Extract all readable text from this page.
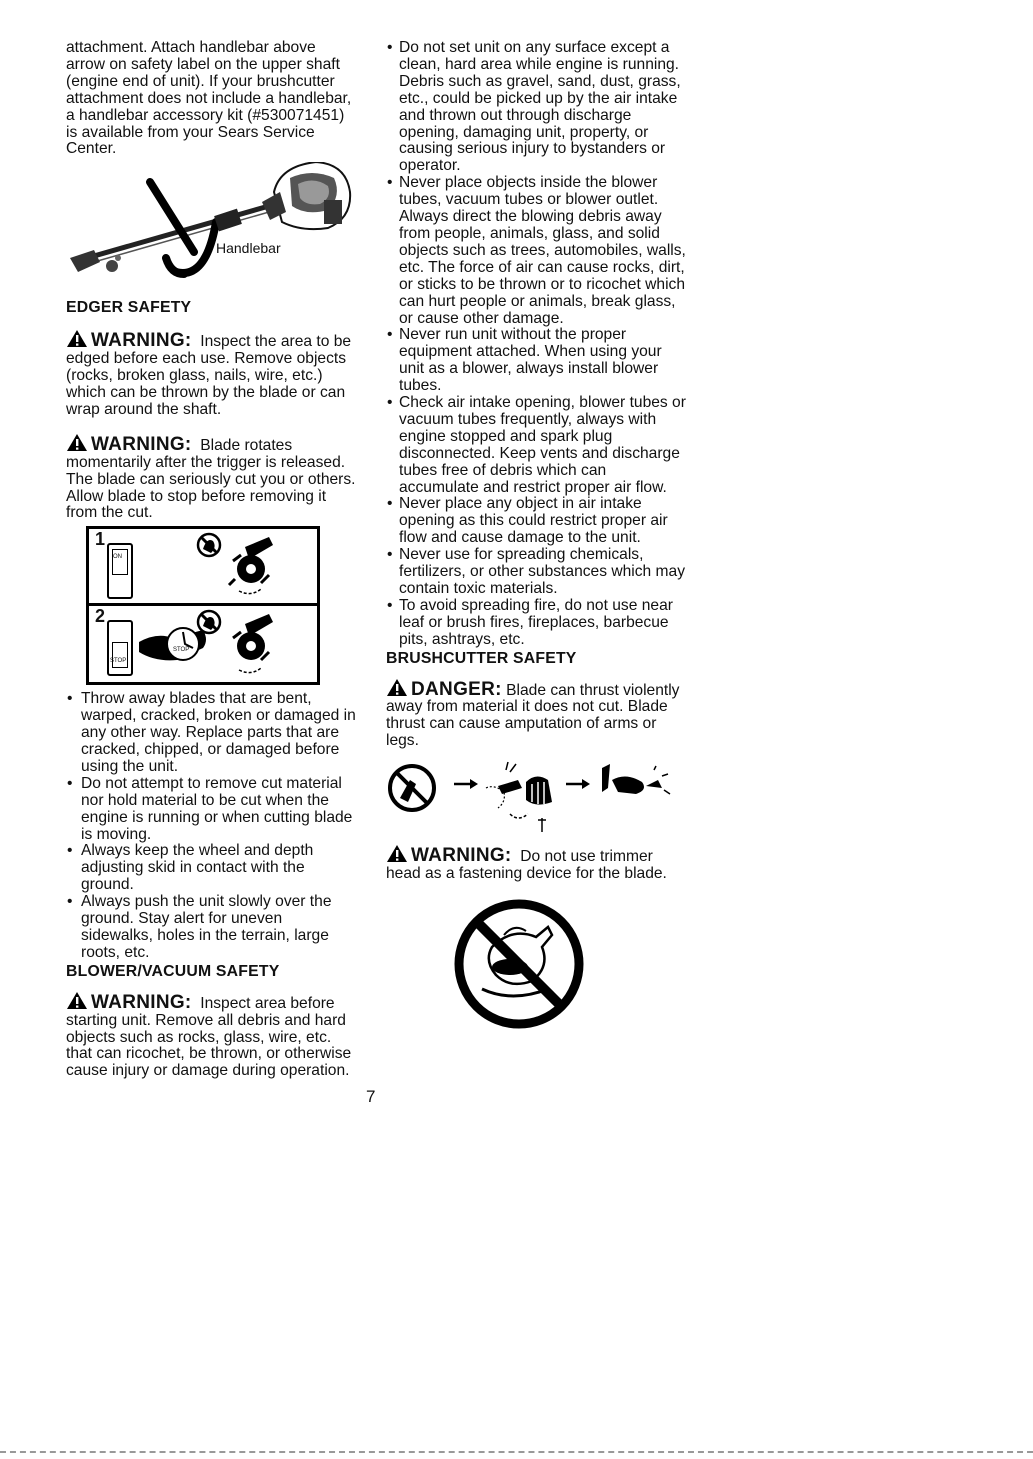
attachment. Attach handlebar above arrow on safety label on the upper shaft (engine end of unit). If your brushcutter attachment does not include a handlebar, a handlebar accessory kit (#530071451) is available from your Sears Service Center.

Handlebar

EDGER SAFETY

WARNING: Inspect the area to be edged before each use. Remove objects (rocks, broken glass, nails, wire, etc.) which can be thrown by the blade or can wrap around the shaft.
WARNING: Blade rotates momentarily after the trigger is released. The blade can seriously cut you or others. Allow blade to stop before removing it from the cut.
1
ON
2
STOP
STOP
• Throw away blades that are bent, warped, cracked, broken or damaged in any other way. Replace parts that are cracked, chipped, or damaged before using the unit.
• Do not attempt to remove cut material nor hold material to be cut when the engine is running or when cutting blade is moving.
• Always keep the wheel and depth adjusting skid in contact with the ground.
• Always push the unit slowly over the ground. Stay alert for uneven sidewalks, holes in the terrain, large roots, etc.

BLOWER/VACUUM SAFETY

WARNING: Inspect area before starting unit. Remove all debris and hard objects such as rocks, glass, wire, etc. that can ricochet, be thrown, or otherwise cause injury or damage during operation.
• Do not set unit on any surface except a clean, hard area while engine is running. Debris such as gravel, sand, dust, grass, etc., could be picked up by the air intake and thrown out through discharge opening, damaging unit, property, or causing serious injury to bystanders or operator.
• Never place objects inside the blower tubes, vacuum tubes or blower outlet. Always direct the blowing debris away from people, animals, glass, and solid objects such as trees, automobiles, walls, etc. The force of air can cause rocks, dirt, or sticks to be thrown or to ricochet which can hurt people or animals, break glass, or cause other damage.
• Never run unit without the proper equipment attached. When using your unit as a blower, always install blower tubes.
• Check air intake opening, blower tubes or vacuum tubes frequently, always with engine stopped and spark plug disconnected. Keep vents and discharge tubes free of debris which can accumulate and restrict proper air flow.
• Never place any object in air intake opening as this could restrict proper air flow and cause damage to the unit.
• Never use for spreading chemicals, fertilizers, or other substances which may contain toxic materials.
• To avoid spreading fire, do not use near leaf or brush fires, fireplaces, barbecue pits, ashtrays, etc.

BRUSHCUTTER SAFETY

DANGER: Blade can thrust violently away from material it does not cut. Blade thrust can cause amputation of arms or legs.
WARNING: Do not use trimmer head as a fastening device for the blade.
7
